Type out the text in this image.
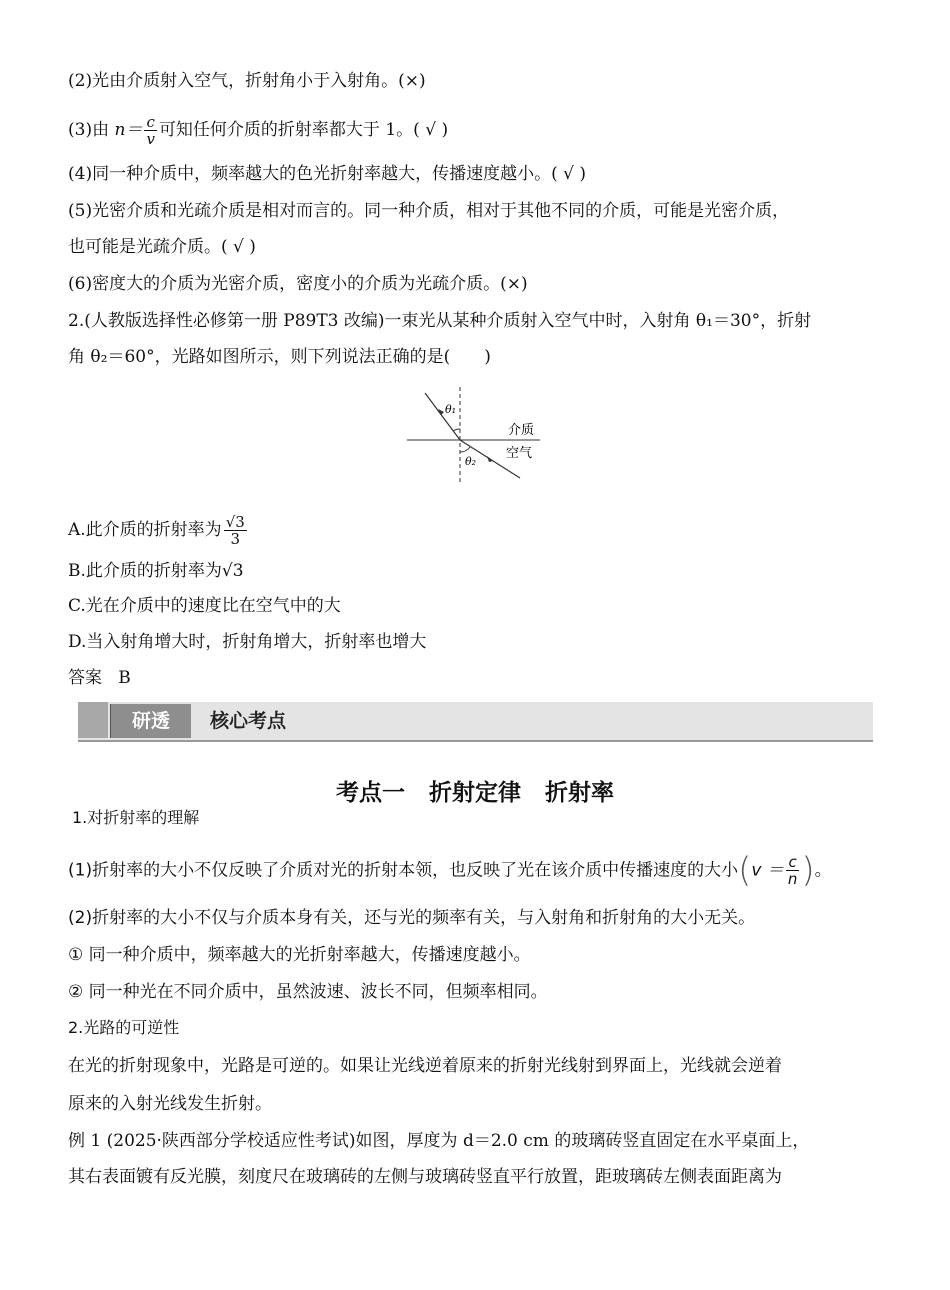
(2)光由介质射入空气，折射角小于入射角。(×)
(3)由 $n= \frac{c}{v}$ 可知任何介质的折射率都大于 1。( √ )
(4)同一种介质中，频率越大的色光折射率越大，传播速度越小。( √ )
(5)光密介质和光疏介质是相对而言的。同一种介质，相对于其他不同的介质，可能是光密介质，
也可能是光疏介质。( √ )
(6)密度大的介质为光密介质，密度小的介质为光疏介质。(×)
2.(人教版选择性必修第一册 P89T3 改编)一束光从某种介质射入空气中时，入射角 θ₁＝30°，折射
角 θ₂＝60°，光路如图所示，则下列说法正确的是(　　)
θ₁
θ₂
介质
空气
A.此介质的折射率为 $\frac{√3}{3}$
B.此介质的折射率为√3
C.光在介质中的速度比在空气中的大
D.当入射角增大时，折射角增大，折射率也增大
答案 B
研透	核心考点
考点一 折射定律 折射率
1.对折射率的理解
(1)折射率的大小不仅反映了介质对光的折射本领，也反映了光在该介质中传播速度的大小($v = \frac{c}{n}$ )。
(2)折射率的大小不仅与介质本身有关，还与光的频率有关，与入射角和折射角的大小无关。
① 同一种介质中，频率越大的光折射率越大，传播速度越小。
② 同一种光在不同介质中，虽然波速、波长不同，但频率相同。
2.光路的可逆性
在光的折射现象中，光路是可逆的。如果让光线逆着原来的折射光线射到界面上，光线就会逆着
原来的入射光线发生折射。
例 1 (2025·陕西部分学校适应性考试)如图，厚度为 d＝2.0 cm 的玻璃砖竖直固定在水平桌面上，
其右表面镀有反光膜，刻度尺在玻璃砖的左侧与玻璃砖竖直平行放置，距玻璃砖左侧表面距离为
